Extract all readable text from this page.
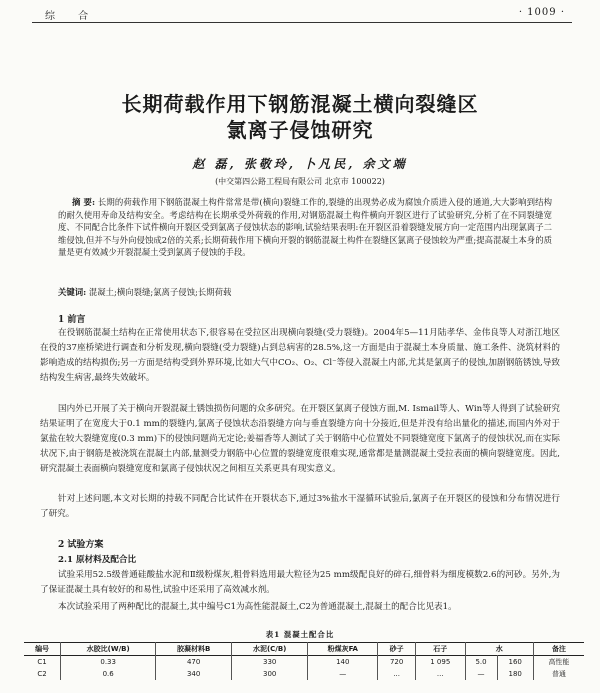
综 合	· 1009 ·
长期荷载作用下钢筋混凝土横向裂缝区
氯离子侵蚀研究
赵 磊, 张敬玲, 卜凡民, 余文端
(中交第四公路工程局有限公司 北京市 100022)
摘 要: 长期的荷载作用下钢筋混凝土构件常常是带(横向)裂缝工作的,裂缝的出现势必成为腐蚀介质进入侵的通道,大大影响到结构的耐久使用寿命及结构安全。考虑结构在长期承受外荷载的作用,对钢筋混凝土构件横向开裂区进行了试验研究,分析了在不同裂缝宽度、不同配合比条件下试件横向开裂区受到氯离子侵蚀状态的影响,试验结果表明:在开裂区沿着裂缝发展方向一定范围内出现氯离子二维侵蚀,但并不与外向侵蚀成2倍的关系;长期荷载作用下横向开裂的钢筋混凝土构件在裂缝区氯离子侵蚀较为严重;提高混凝土本身的质量是更有效减少开裂混凝土受到氯离子侵蚀的手段。
关键词: 混凝土;横向裂缝;氯离子侵蚀;长期荷载
1 前言
在役钢筋混凝土结构在正常使用状态下,很容易在受拉区出现横向裂缝(受力裂缝)。2004年5—11月陆孝华、金伟良等人对浙江地区在役的37座桥梁进行调查和分析发现,横向裂缝(受力裂缝)占到总病害的28.5%,这一方面是由于混凝土本身质量、施工条件、浇筑材料的影响造成的结构损伤;另一方面是结构受到外界环境,比如大气中CO₂、O₂、Cl⁻等侵入混凝土内部,尤其是氯离子的侵蚀,加剧钢筋锈蚀,导致结构发生病害,最终失效破坏。
国内外已开展了关于横向开裂混凝土锈蚀损伤问题的众多研究。在开裂区氯离子侵蚀方面,M. Ismail等人、Win等人得到了试验研究结果证明了在宽度大于0.1 mm的裂缝内,氯离子侵蚀状态沿裂缝方向与垂直裂缝方向十分接近,但是并没有给出量化的描述,而国内外对于氯盐在较大裂缝宽度(0.3 mm)下的侵蚀问题尚无定论;姜福香等人测试了关于钢筋中心位置处不同裂缝宽度下氯离子的侵蚀状况,而在实际状况下,由于钢筋是被浇筑在混凝土内部,量测受力钢筋中心位置的裂缝宽度很难实现,通常都是量测混凝土受拉表面的横向裂缝宽度。因此,研究混凝土表面横向裂缝宽度和氯离子侵蚀状况之间相互关系更具有现实意义。
针对上述问题,本文对长期的持载不同配合比试件在开裂状态下,通过3%盐水干湿循环试验后,氯离子在开裂区的侵蚀和分布情况进行了研究。
2 试验方案
2.1 原材料及配合比
试验采用52.5级普通硅酸盐水泥和Ⅱ级粉煤灰,粗骨料选用最大粒径为25 mm级配良好的碎石,细骨料为细度模数2.6的河砂。另外,为了保证混凝土具有较好的和易性,试验中还采用了高效减水剂。
本次试验采用了两种配比的混凝土,其中编号C1为高性能混凝土,C2为普通混凝土,混凝土的配合比见表1。
表1 混凝土配合比
编号	水胶比(W/B)	胶凝材料B	水泥(C/B)	粉煤灰FA	砂子	石子	水		备注
C1	0.33	470	330	140	720	1 095	5.0	160	高性能
C2	0.6	340	300	—	...	...	—	180	普通
